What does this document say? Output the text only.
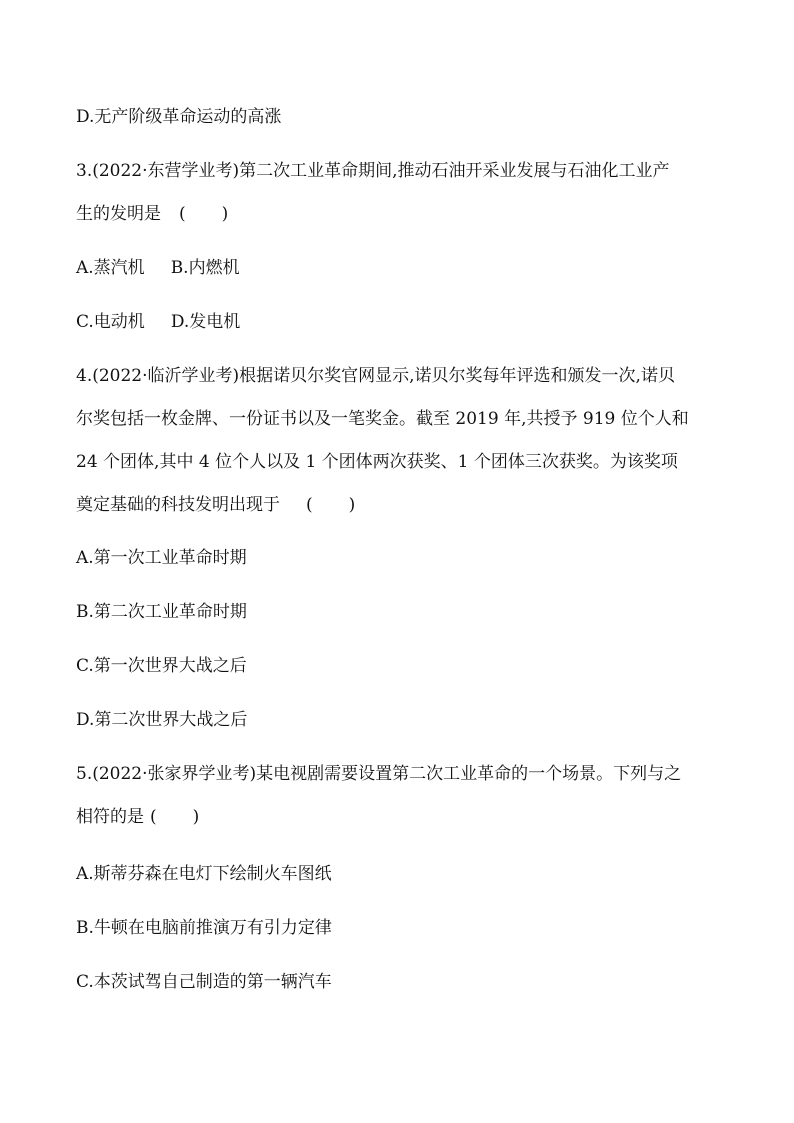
D.无产阶级革命运动的高涨
3.(2022·东营学业考)第二次工业革命期间,推动石油开采业发展与石油化工业产
生的发明是 ( )
A.蒸汽机 B.内燃机
C.电动机 D.发电机
4.(2022·临沂学业考)根据诺贝尔奖官网显示,诺贝尔奖每年评选和颁发一次,诺贝
尔奖包括一枚金牌、一份证书以及一笔奖金。截至 2019 年,共授予 919 位个人和
24 个团体,其中 4 位个人以及 1 个团体两次获奖、1 个团体三次获奖。为该奖项
奠定基础的科技发明出现于 ( )
A.第一次工业革命时期
B.第二次工业革命时期
C.第一次世界大战之后
D.第二次世界大战之后
5.(2022·张家界学业考)某电视剧需要设置第二次工业革命的一个场景。下列与之
相符的是 ( )
A.斯蒂芬森在电灯下绘制火车图纸
B.牛顿在电脑前推演万有引力定律
C.本茨试驾自己制造的第一辆汽车
